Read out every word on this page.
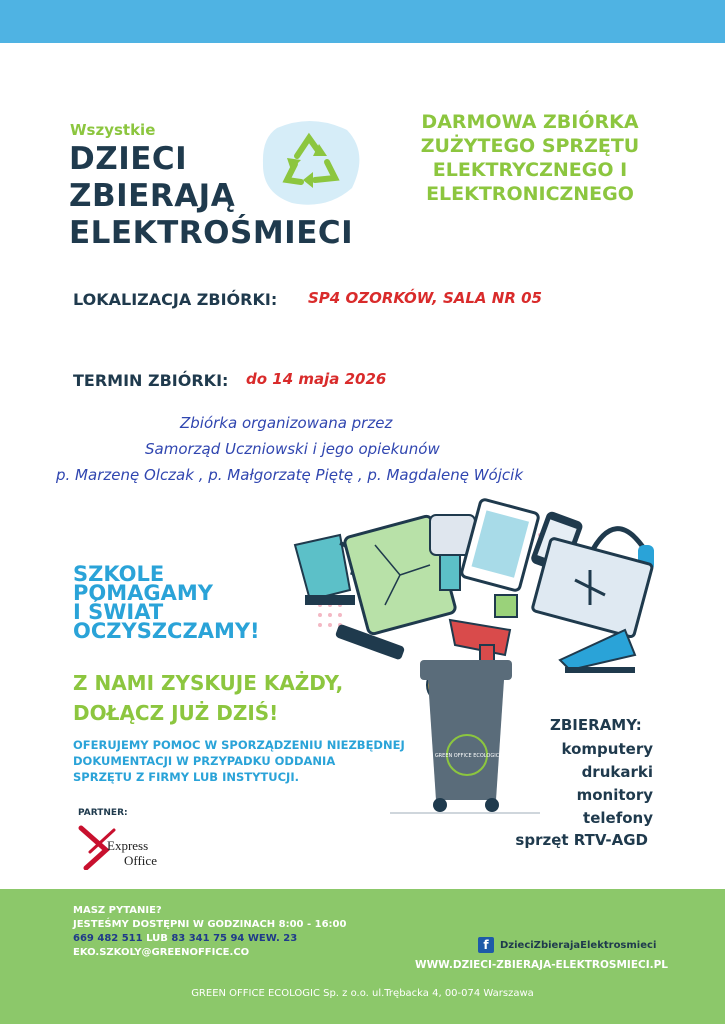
Wszystkie
DZIECI
ZBIERAJĄ
ELEKTROŚMIECI
DARMOWA ZBIÓRKA
ZUŻYTEGO SPRZĘTU
ELEKTRYCZNEGO I
ELEKTRONICZNEGO
LOKALIZACJA ZBIÓRKI: SP4 OZORKÓW, SALA NR 05
TERMIN ZBIÓRKI: do 14 maja 2026
Zbiórka organizowana przez
Samorząd Uczniowski i jego opiekunów
p. Marzenę Olczak , p. Małgorzatę Piętę , p. Magdalenę Wójcik
GREEN OFFICE ECOLOGIC
SZKOLE
POMAGAMY
I ŚWIAT
OCZYSZCZAMY!
Z NAMI ZYSKUJE KAŻDY,
DOŁĄCZ JUŻ DZIŚ!
OFERUJEMY POMOC W SPORZĄDZENIU NIEZBĘDNEJ
DOKUMENTACJI W PRZYPADKU ODDANIA
SPRZĘTU Z FIRMY LUB INSTYTUCJI.
PARTNER:
Express
Office
ZBIERAMY:
komputery
drukarki
monitory
telefony
sprzęt RTV-AGD
MASZ PYTANIE?
JESTEŚMY DOSTĘPNI W GODZINACH 8:00 - 16:00
669 482 511 LUB 83 341 75 94 WEW. 23
EKO.SZKOLY@GREENOFFICE.CO
f	DzieciZbierajaElektrosmieci
WWW.DZIECI-ZBIERAJA-ELEKTROSMIECI.PL
GREEN OFFICE ECOLOGIC Sp. z o.o. ul.Trębacka 4, 00-074 Warszawa
